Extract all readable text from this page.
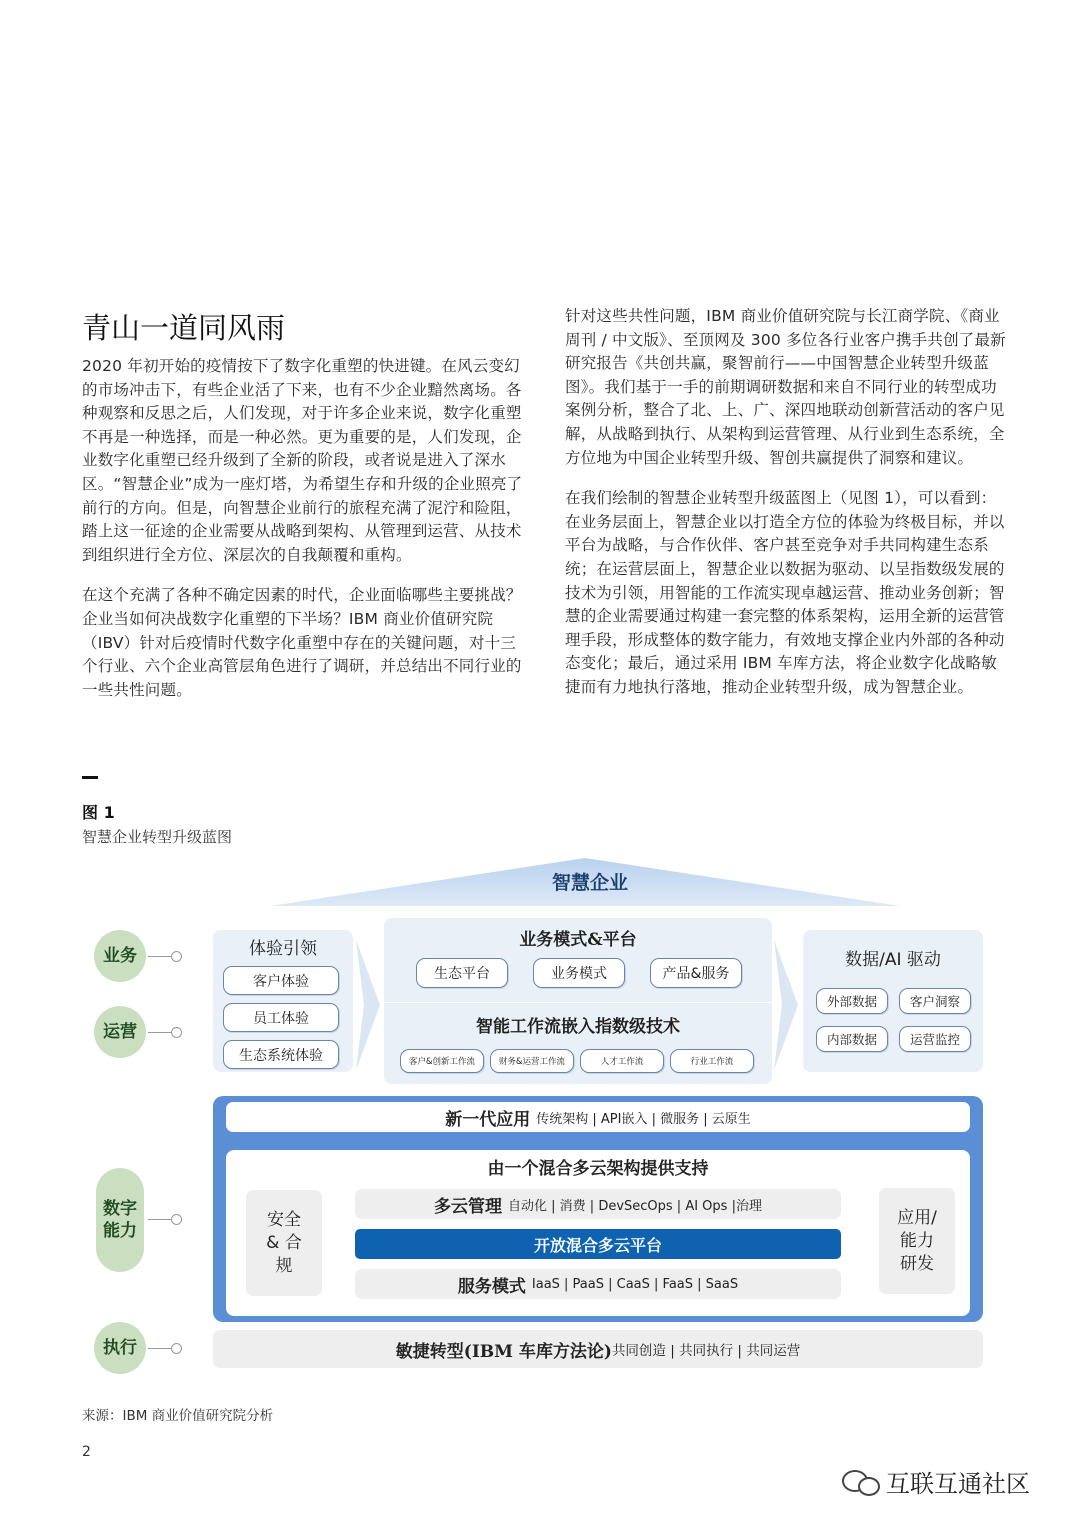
青山一道同风雨

2020 年初开始的疫情按下了数字化重塑的快进键。在风云变幻的市场冲击下，有些企业活了下来，也有不少企业黯然离场。各种观察和反思之后，人们发现，对于许多企业来说，数字化重塑不再是一种选择，而是一种必然。更为重要的是，人们发现，企业数字化重塑已经升级到了全新的阶段，或者说是进入了深水区。“智慧企业”成为一座灯塔，为希望生存和升级的企业照亮了前行的方向。但是，向智慧企业前行的旅程充满了泥泞和险阻，踏上这一征途的企业需要从战略到架构、从管理到运营、从技术到组织进行全方位、深层次的自我颠覆和重构。

在这个充满了各种不确定因素的时代，企业面临哪些主要挑战？企业当如何决战数字化重塑的下半场？IBM 商业价值研究院（IBV）针对后疫情时代数字化重塑中存在的关键问题，对十三个行业、六个企业高管层角色进行了调研，并总结出不同行业的一些共性问题。

针对这些共性问题，IBM 商业价值研究院与长江商学院、《商业周刊 / 中文版》、至顶网及 300 多位各行业客户携手共创了最新研究报告《共创共赢，聚智前行——中国智慧企业转型升级蓝图》。我们基于一手的前期调研数据和来自不同行业的转型成功案例分析，整合了北、上、广、深四地联动创新营活动的客户见解，从战略到执行、从架构到运营管理、从行业到生态系统，全方位地为中国企业转型升级、智创共赢提供了洞察和建议。

在我们绘制的智慧企业转型升级蓝图上（见图 1），可以看到：在业务层面上，智慧企业以打造全方位的体验为终极目标，并以平台为战略，与合作伙伴、客户甚至竞争对手共同构建生态系统；在运营层面上，智慧企业以数据为驱动、以呈指数级发展的技术为引领，用智能的工作流实现卓越运营、推动业务创新；智慧的企业需要通过构建一套完整的体系架构，运用全新的运营管理手段，形成整体的数字能力，有效地支撑企业内外部的各种动态变化；最后，通过采用 IBM 车库方法，将企业数字化战略敏捷而有力地执行落地，推动企业转型升级，成为智慧企业。

图 1
智慧企业转型升级蓝图
智慧企业
业务
运营
数字能力
执行
体验引领
客户体验
员工体验
生态系统体验
业务模式&平台
生态平台	业务模式	产品&服务
智能工作流嵌入指数级技术
客户&创新工作流	财务&运营工作流	人才工作流	行业工作流
数据/AI 驱动
外部数据	客户洞察
内部数据	运营监控
新一代应用 传统架构 | API嵌入 | 微服务 | 云原生
由一个混合多云架构提供支持
安全 & 合规
应用/ 能力 研发
多云管理 自动化 | 消费 | DevSecOps | AI Ops |治理
开放混合多云平台
服务模式 IaaS | PaaS | CaaS | FaaS | SaaS
敏捷转型(IBM 车库方法论) 共同创造 | 共同执行 | 共同运营
来源：IBM 商业价值研究院分析
2
互联互通社区
